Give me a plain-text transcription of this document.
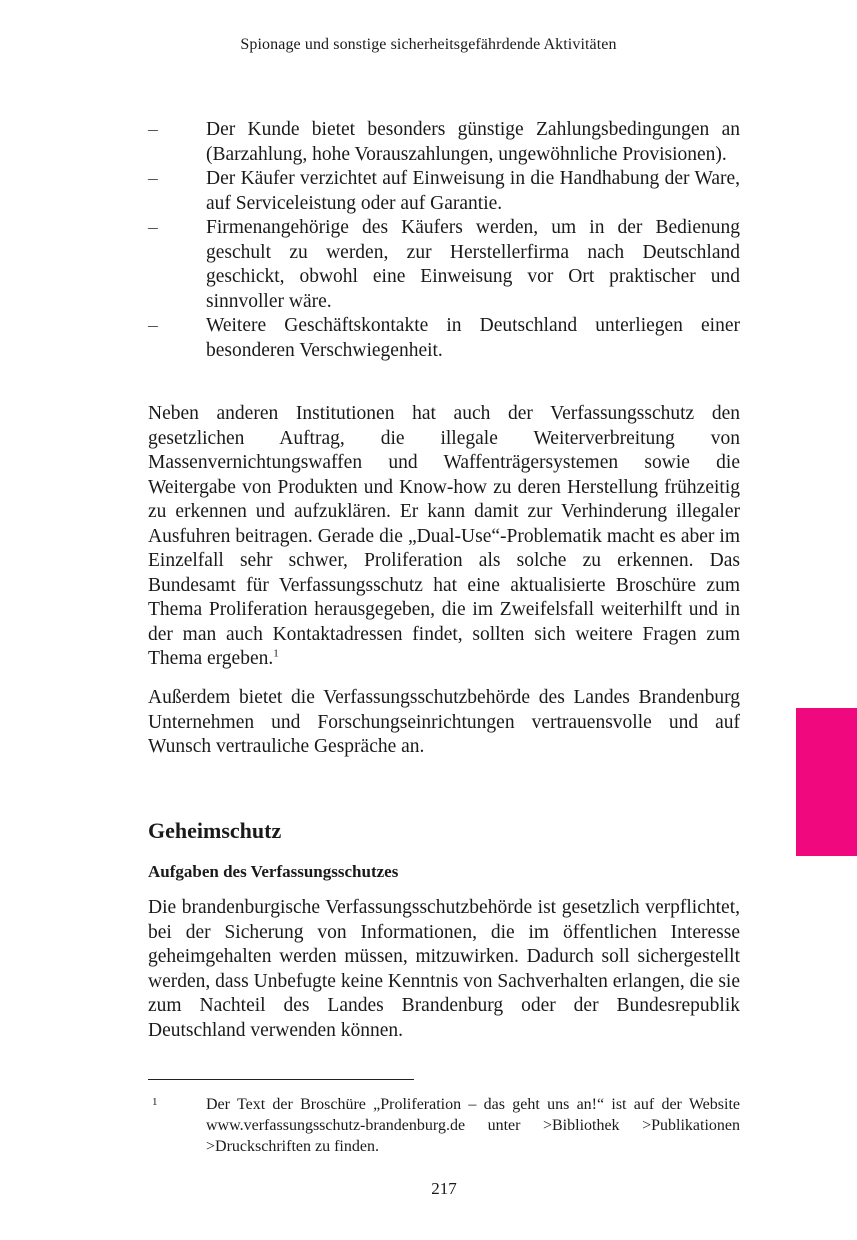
Spionage und sonstige sicherheitsgefährdende Aktivitäten
– Der Kunde bietet besonders günstige Zahlungsbedingungen an (Barzahlung, hohe Vorauszahlungen, ungewöhnliche Provisionen).
– Der Käufer verzichtet auf Einweisung in die Handhabung der Ware, auf Serviceleistung oder auf Garantie.
– Firmenangehörige des Käufers werden, um in der Bedienung geschult zu werden, zur Herstellerfirma nach Deutschland geschickt, obwohl eine Einweisung vor Ort praktischer und sinnvoller wäre.
– Weitere Geschäftskontakte in Deutschland unterliegen einer besonderen Verschwiegenheit.

Neben anderen Institutionen hat auch der Verfassungsschutz den gesetzlichen Auftrag, die illegale Weiterverbreitung von Massenvernichtungswaffen und Waffenträgersystemen sowie die Weitergabe von Produkten und Know-how zu deren Herstellung frühzeitig zu erkennen und aufzuklären. Er kann damit zur Verhinderung illegaler Ausfuhren beitragen. Gerade die „Dual-Use“-Problematik macht es aber im Einzelfall sehr schwer, Proliferation als solche zu erkennen. Das Bundesamt für Verfassungsschutz hat eine aktualisierte Broschüre zum Thema Proliferation herausgegeben, die im Zweifelsfall weiterhilft und in der man auch Kontaktadressen findet, sollten sich weitere Fragen zum Thema ergeben.$^1$

Außerdem bietet die Verfassungsschutzbehörde des Landes Brandenburg Unternehmen und Forschungseinrichtungen vertrauensvolle und auf Wunsch vertrauliche Gespräche an.

Geheimschutz
Aufgaben des Verfassungsschutzes

Die brandenburgische Verfassungsschutzbehörde ist gesetzlich verpflichtet, bei der Sicherung von Informationen, die im öffentlichen Interesse geheimgehalten werden müssen, mitzuwirken. Dadurch soll sichergestellt werden, dass Unbefugte keine Kenntnis von Sachverhalten erlangen, die sie zum Nachteil des Landes Brandenburg oder der Bundesrepublik Deutschland verwenden können.

1	Der Text der Broschüre „Proliferation – das geht uns an!“ ist auf der Website www.verfassungsschutz-brandenburg.de unter >Bibliothek >Publikationen >Druckschriften zu finden.
217
